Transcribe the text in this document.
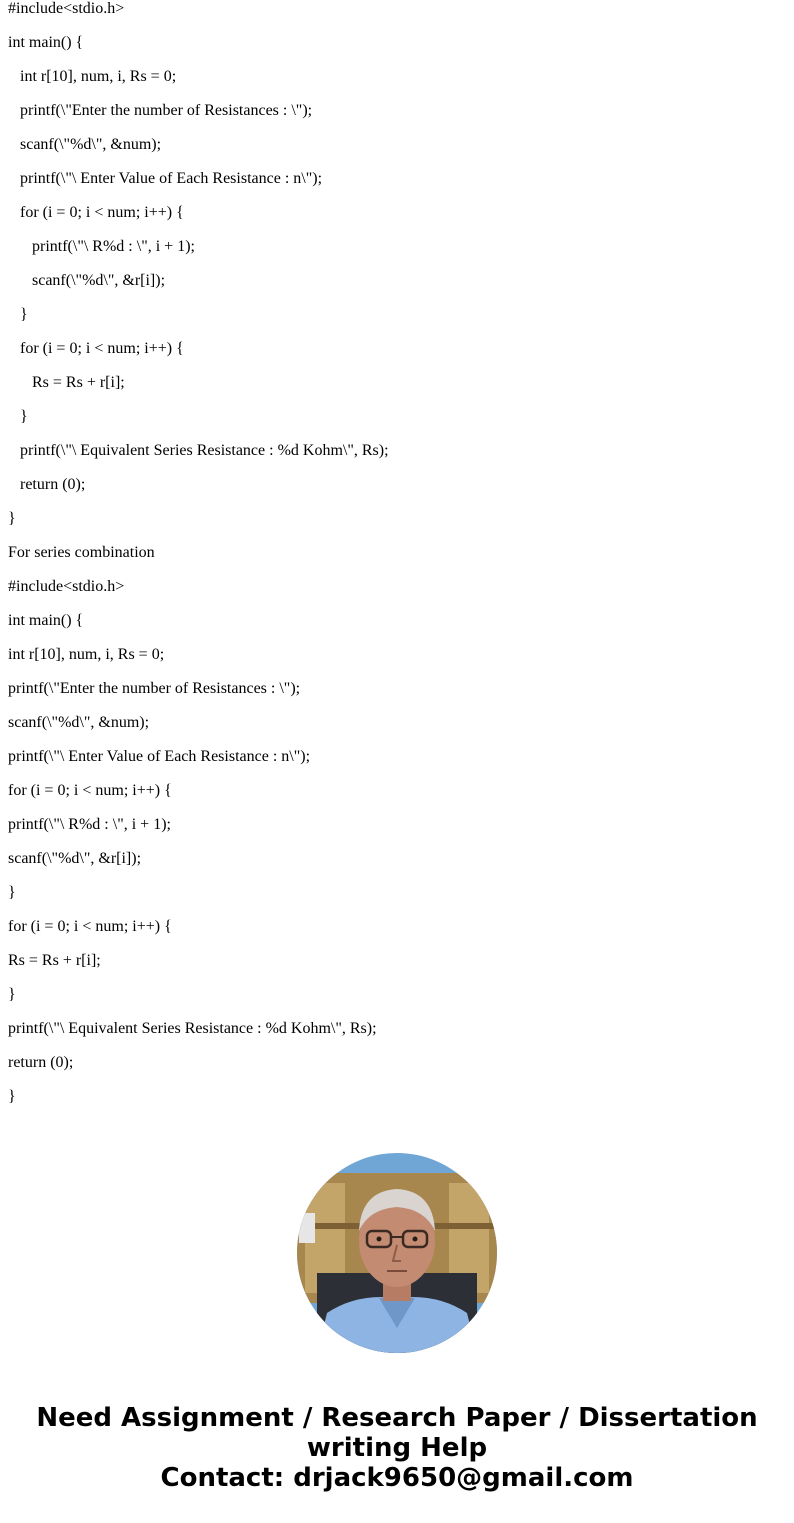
#include<stdio.h>
int main() {
int r[10], num, i, Rs = 0;
printf(\"Enter the number of Resistances : \");
scanf(\"%d\", &num);
printf(\"\ Enter Value of Each Resistance : n\");
for (i = 0; i < num; i++) {
printf(\"\ R%d : \", i + 1);
scanf(\"%d\", &r[i]);
}
for (i = 0; i < num; i++) {
Rs = Rs + r[i];
}
printf(\"\ Equivalent Series Resistance : %d Kohm\", Rs);
return (0);
}
For series combination
#include<stdio.h>
int main() {
int r[10], num, i, Rs = 0;
printf(\"Enter the number of Resistances : \");
scanf(\"%d\", &num);
printf(\"\ Enter Value of Each Resistance : n\");
for (i = 0; i < num; i++) {
printf(\"\ R%d : \", i + 1);
scanf(\"%d\", &r[i]);
}
for (i = 0; i < num; i++) {
Rs = Rs + r[i];
}
printf(\"\ Equivalent Series Resistance : %d Kohm\", Rs);
return (0);
}
Need Assignment / Research Paper / Dissertation
writing Help
Contact: drjack9650@gmail.com
